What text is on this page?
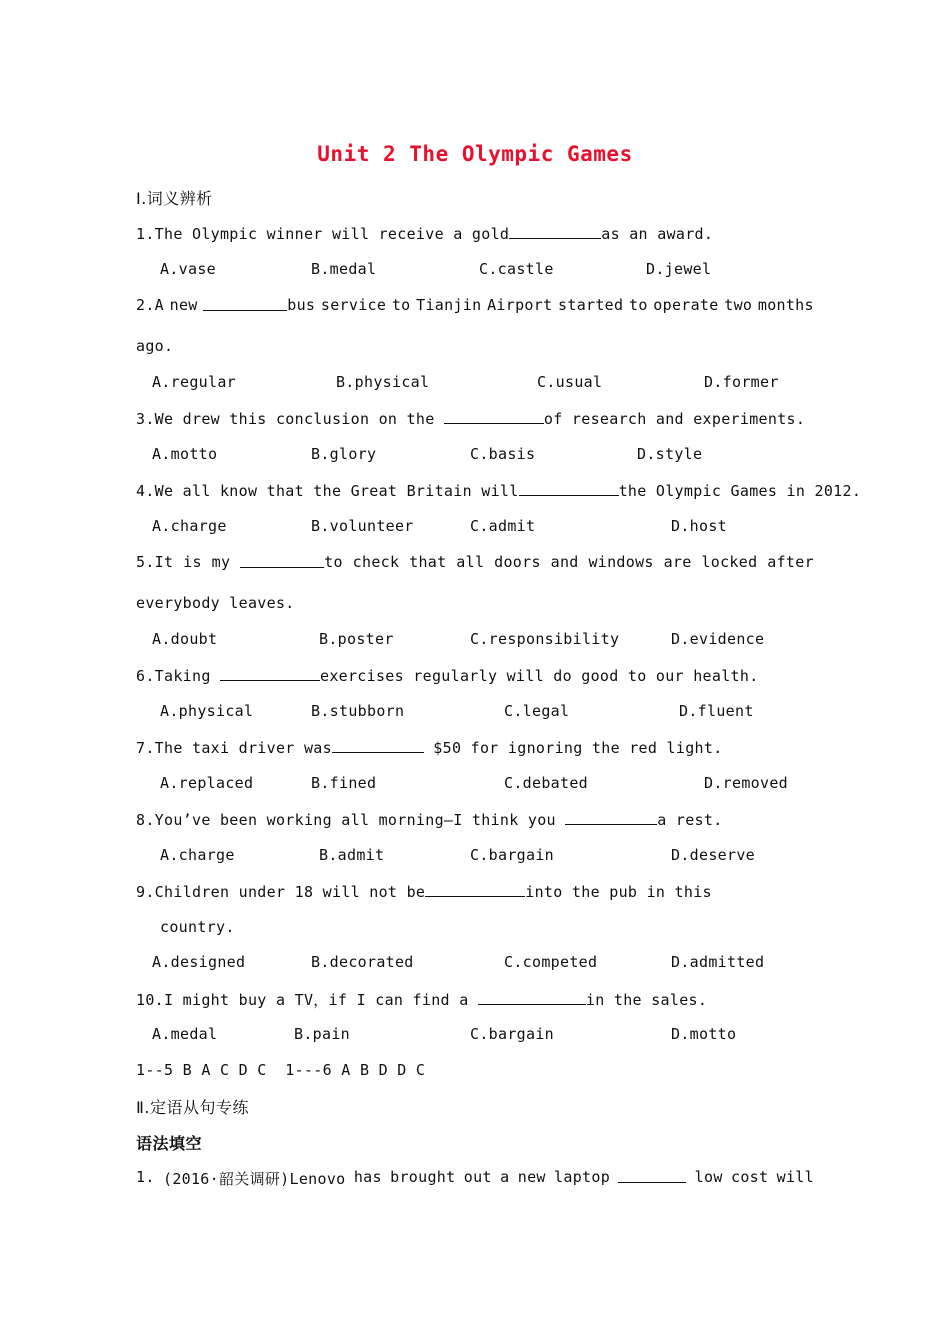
Unit 2 The Olympic Games
Ⅰ.词义辨析
1.The Olympic winner will receive a gold	as an award.
A.vase	B.medal	C.castle	D.jewel
2.A new	bus service to Tianjin Airport started to operate two months
ago.
A.regular	B.physical	C.usual	D.former
3.We drew this conclusion on the	of research and experiments.
A.motto	B.glory	C.basis	D.style
4.We all know that the Great Britain will	the Olympic Games in 2012.
A.charge	B.volunteer	C.admit	D.host
5.It is my	to check that all doors and windows are locked after
everybody leaves.
A.doubt	B.poster	C.responsibility	D.evidence
6.Taking	exercises regularly will do good to our health.
A.physical	B.stubborn	C.legal	D.fluent
7.The taxi driver was	$50 for ignoring the red light.
A.replaced	B.fined	C.debated	D.removed
8.You’ve been working all morning—I think you	a rest.
A.charge	B.admit	C.bargain	D.deserve
9.Children under 18 will not be	into the pub in this
country.
A.designed	B.decorated	C.competed	D.admitted
10.I might buy a TV，if I can find a	in the sales.
A.medal	B.pain	C.bargain	D.motto
1--5 B A C D C  1---6 A B D D C
Ⅱ.定语从句专练
语法填空
1. (2016·韶关调研)Lenovo has brought out a new laptop	low cost will
